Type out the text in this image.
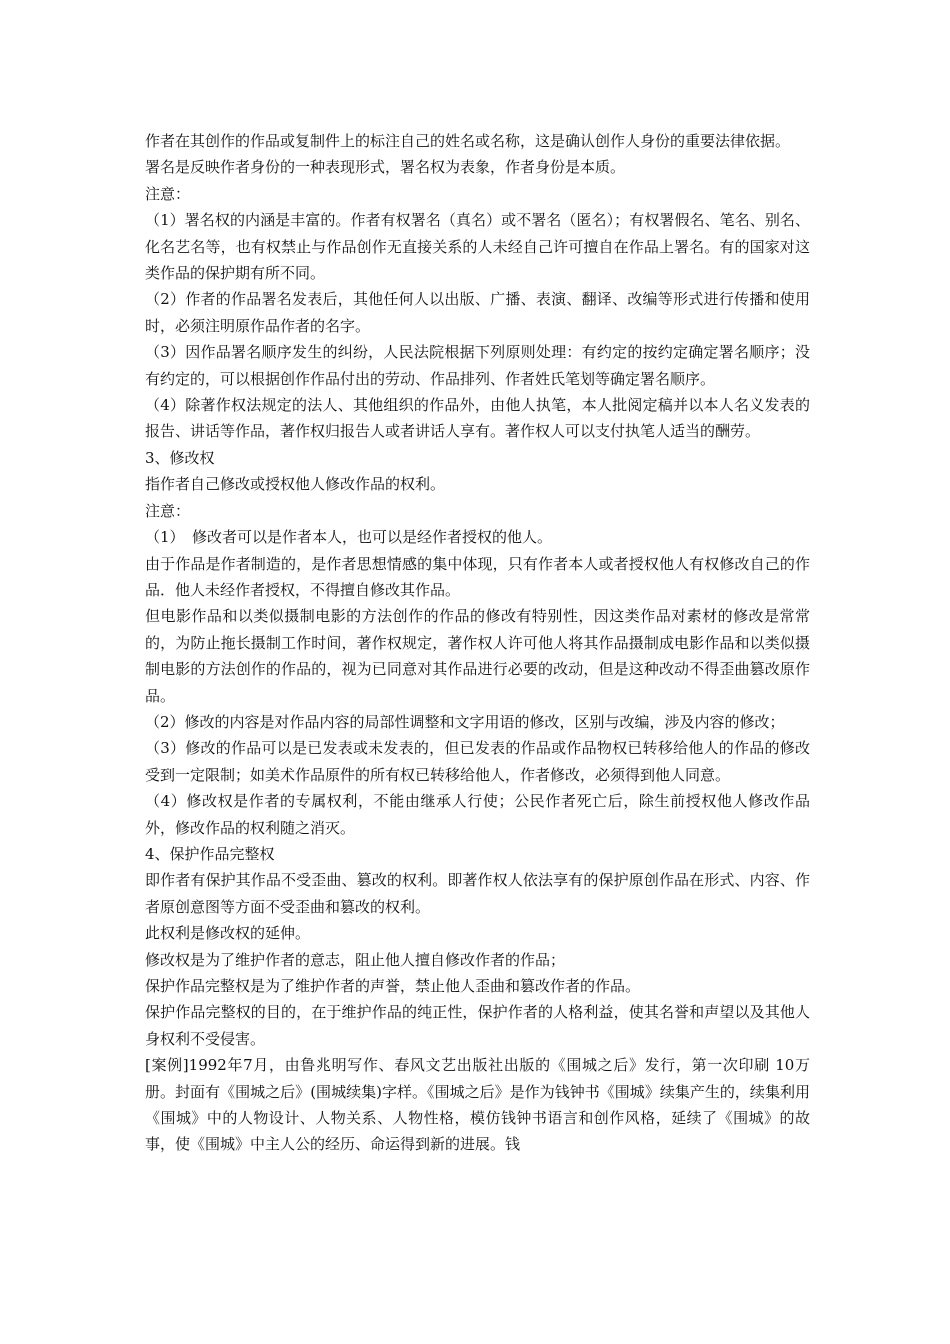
作者在其创作的作品或复制件上的标注自己的姓名或名称，这是确认创作人身份的重要法律依据。

署名是反映作者身份的一种表现形式，署名权为表象，作者身份是本质。

注意：

（1）署名权的内涵是丰富的。作者有权署名（真名）或不署名（匿名）；有权署假名、笔名、别名、化名艺名等，也有权禁止与作品创作无直接关系的人未经自己许可擅自在作品上署名。有的国家对这类作品的保护期有所不同。

（2）作者的作品署名发表后，其他任何人以出版、广播、表演、翻译、改编等形式进行传播和使用时，必须注明原作品作者的名字。

（3）因作品署名顺序发生的纠纷，人民法院根据下列原则处理：有约定的按约定确定署名顺序；没有约定的，可以根据创作作品付出的劳动、作品排列、作者姓氏笔划等确定署名顺序。

（4）除著作权法规定的法人、其他组织的作品外，由他人执笔，本人批阅定稿并以本人名义发表的报告、讲话等作品，著作权归报告人或者讲话人享有。著作权人可以支付执笔人适当的酬劳。

3、修改权

指作者自己修改或授权他人修改作品的权利。

注意：

（1）　修改者可以是作者本人，也可以是经作者授权的他人。

由于作品是作者制造的，是作者思想情感的集中体现，只有作者本人或者授权他人有权修改自己的作品．他人未经作者授权，不得擅自修改其作品。

但电影作品和以类似摄制电影的方法创作的作品的修改有特别性，因这类作品对素材的修改是常常的，为防止拖长摄制工作时间，著作权规定，著作权人许可他人将其作品摄制成电影作品和以类似摄制电影的方法创作的作品的，视为已同意对其作品进行必要的改动，但是这种改动不得歪曲篡改原作品。

（2）修改的内容是对作品内容的局部性调整和文字用语的修改，区别与改编，涉及内容的修改；

（3）修改的作品可以是已发表或未发表的，但已发表的作品或作品物权已转移给他人的作品的修改受到一定限制；如美术作品原件的所有权已转移给他人，作者修改，必须得到他人同意。

（4）修改权是作者的专属权利，不能由继承人行使；公民作者死亡后，除生前授权他人修改作品外，修改作品的权利随之消灭。

4、保护作品完整权

即作者有保护其作品不受歪曲、篡改的权利。即著作权人依法享有的保护原创作品在形式、内容、作者原创意图等方面不受歪曲和篡改的权利。

此权利是修改权的延伸。

修改权是为了维护作者的意志，阻止他人擅自修改作者的作品；

保护作品完整权是为了维护作者的声誉，禁止他人歪曲和篡改作者的作品。

保护作品完整权的目的，在于维护作品的纯正性，保护作者的人格利益，使其名誉和声望以及其他人身权利不受侵害。

[案例]1992年7月，由鲁兆明写作、春风文艺出版社出版的《围城之后》发行，第一次印刷 10万册。封面有《围城之后》(围城续集)字样。《围城之后》是作为钱钟书《围城》续集产生的，续集利用《围城》中的人物设计、人物关系、人物性格，模仿钱钟书语言和创作风格，延续了《围城》的故事，使《围城》中主人公的经历、命运得到新的进展。钱
